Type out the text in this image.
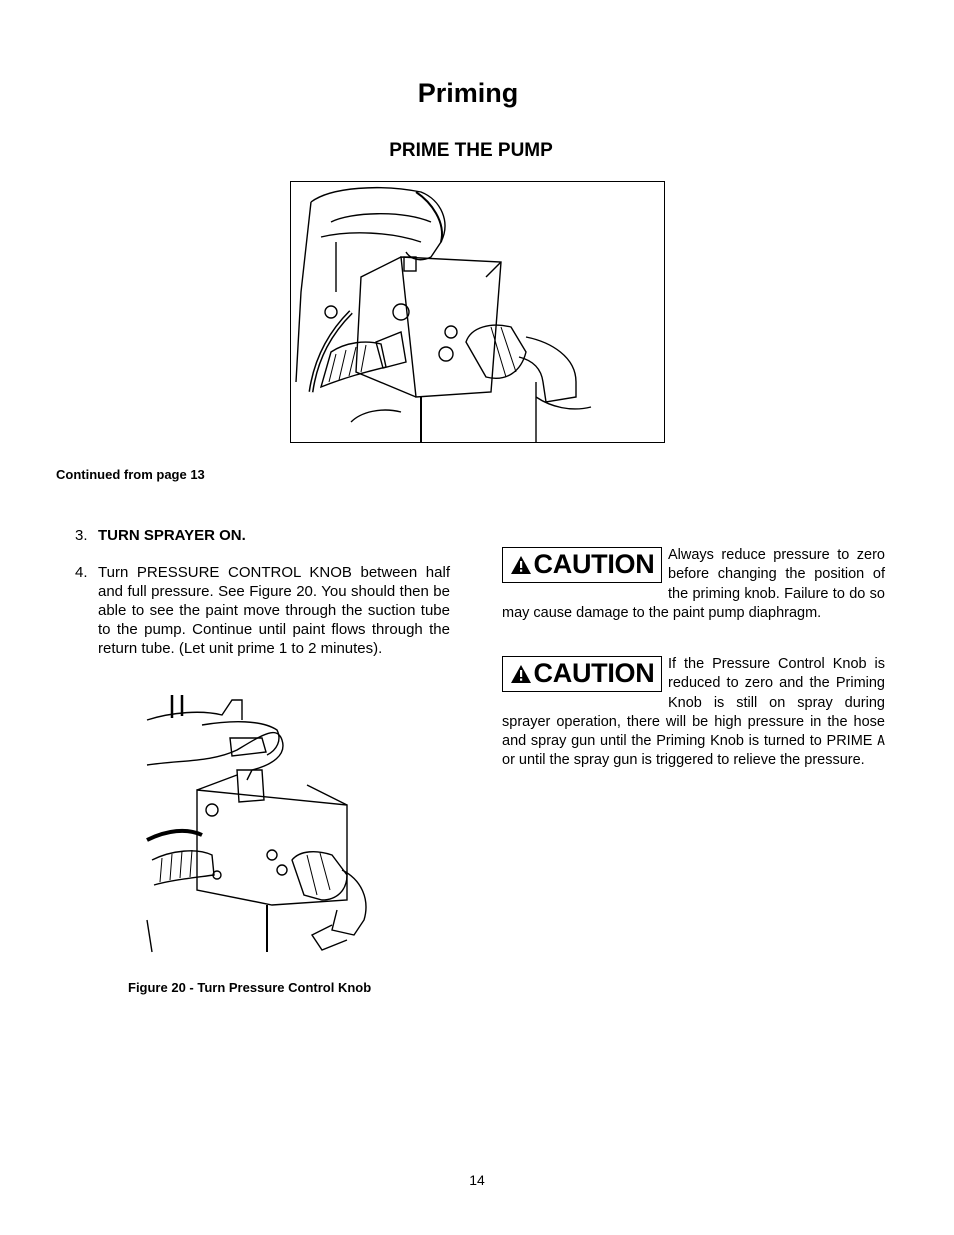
Priming
PRIME THE PUMP
Continued from page 13
3. TURN SPRAYER ON.
4. Turn PRESSURE CONTROL KNOB between half and full pressure. See Figure 20. You should then be able to see the paint move through the suction tube to the pump. Continue until paint flows through the return tube. (Let unit prime 1 to 2 minutes).
Figure 20 - Turn Pressure Control Knob
CAUTION Always reduce pressure to zero before changing the position of the priming knob. Failure to do so may cause damage to the paint pump diaphragm.
CAUTION If the Pressure Control Knob is reduced to zero and the Priming Knob is still on spray during sprayer operation, there will be high pressure in the hose and spray gun until the Priming Knob is turned to PRIME A or until the spray gun is triggered to relieve the pressure.
14
